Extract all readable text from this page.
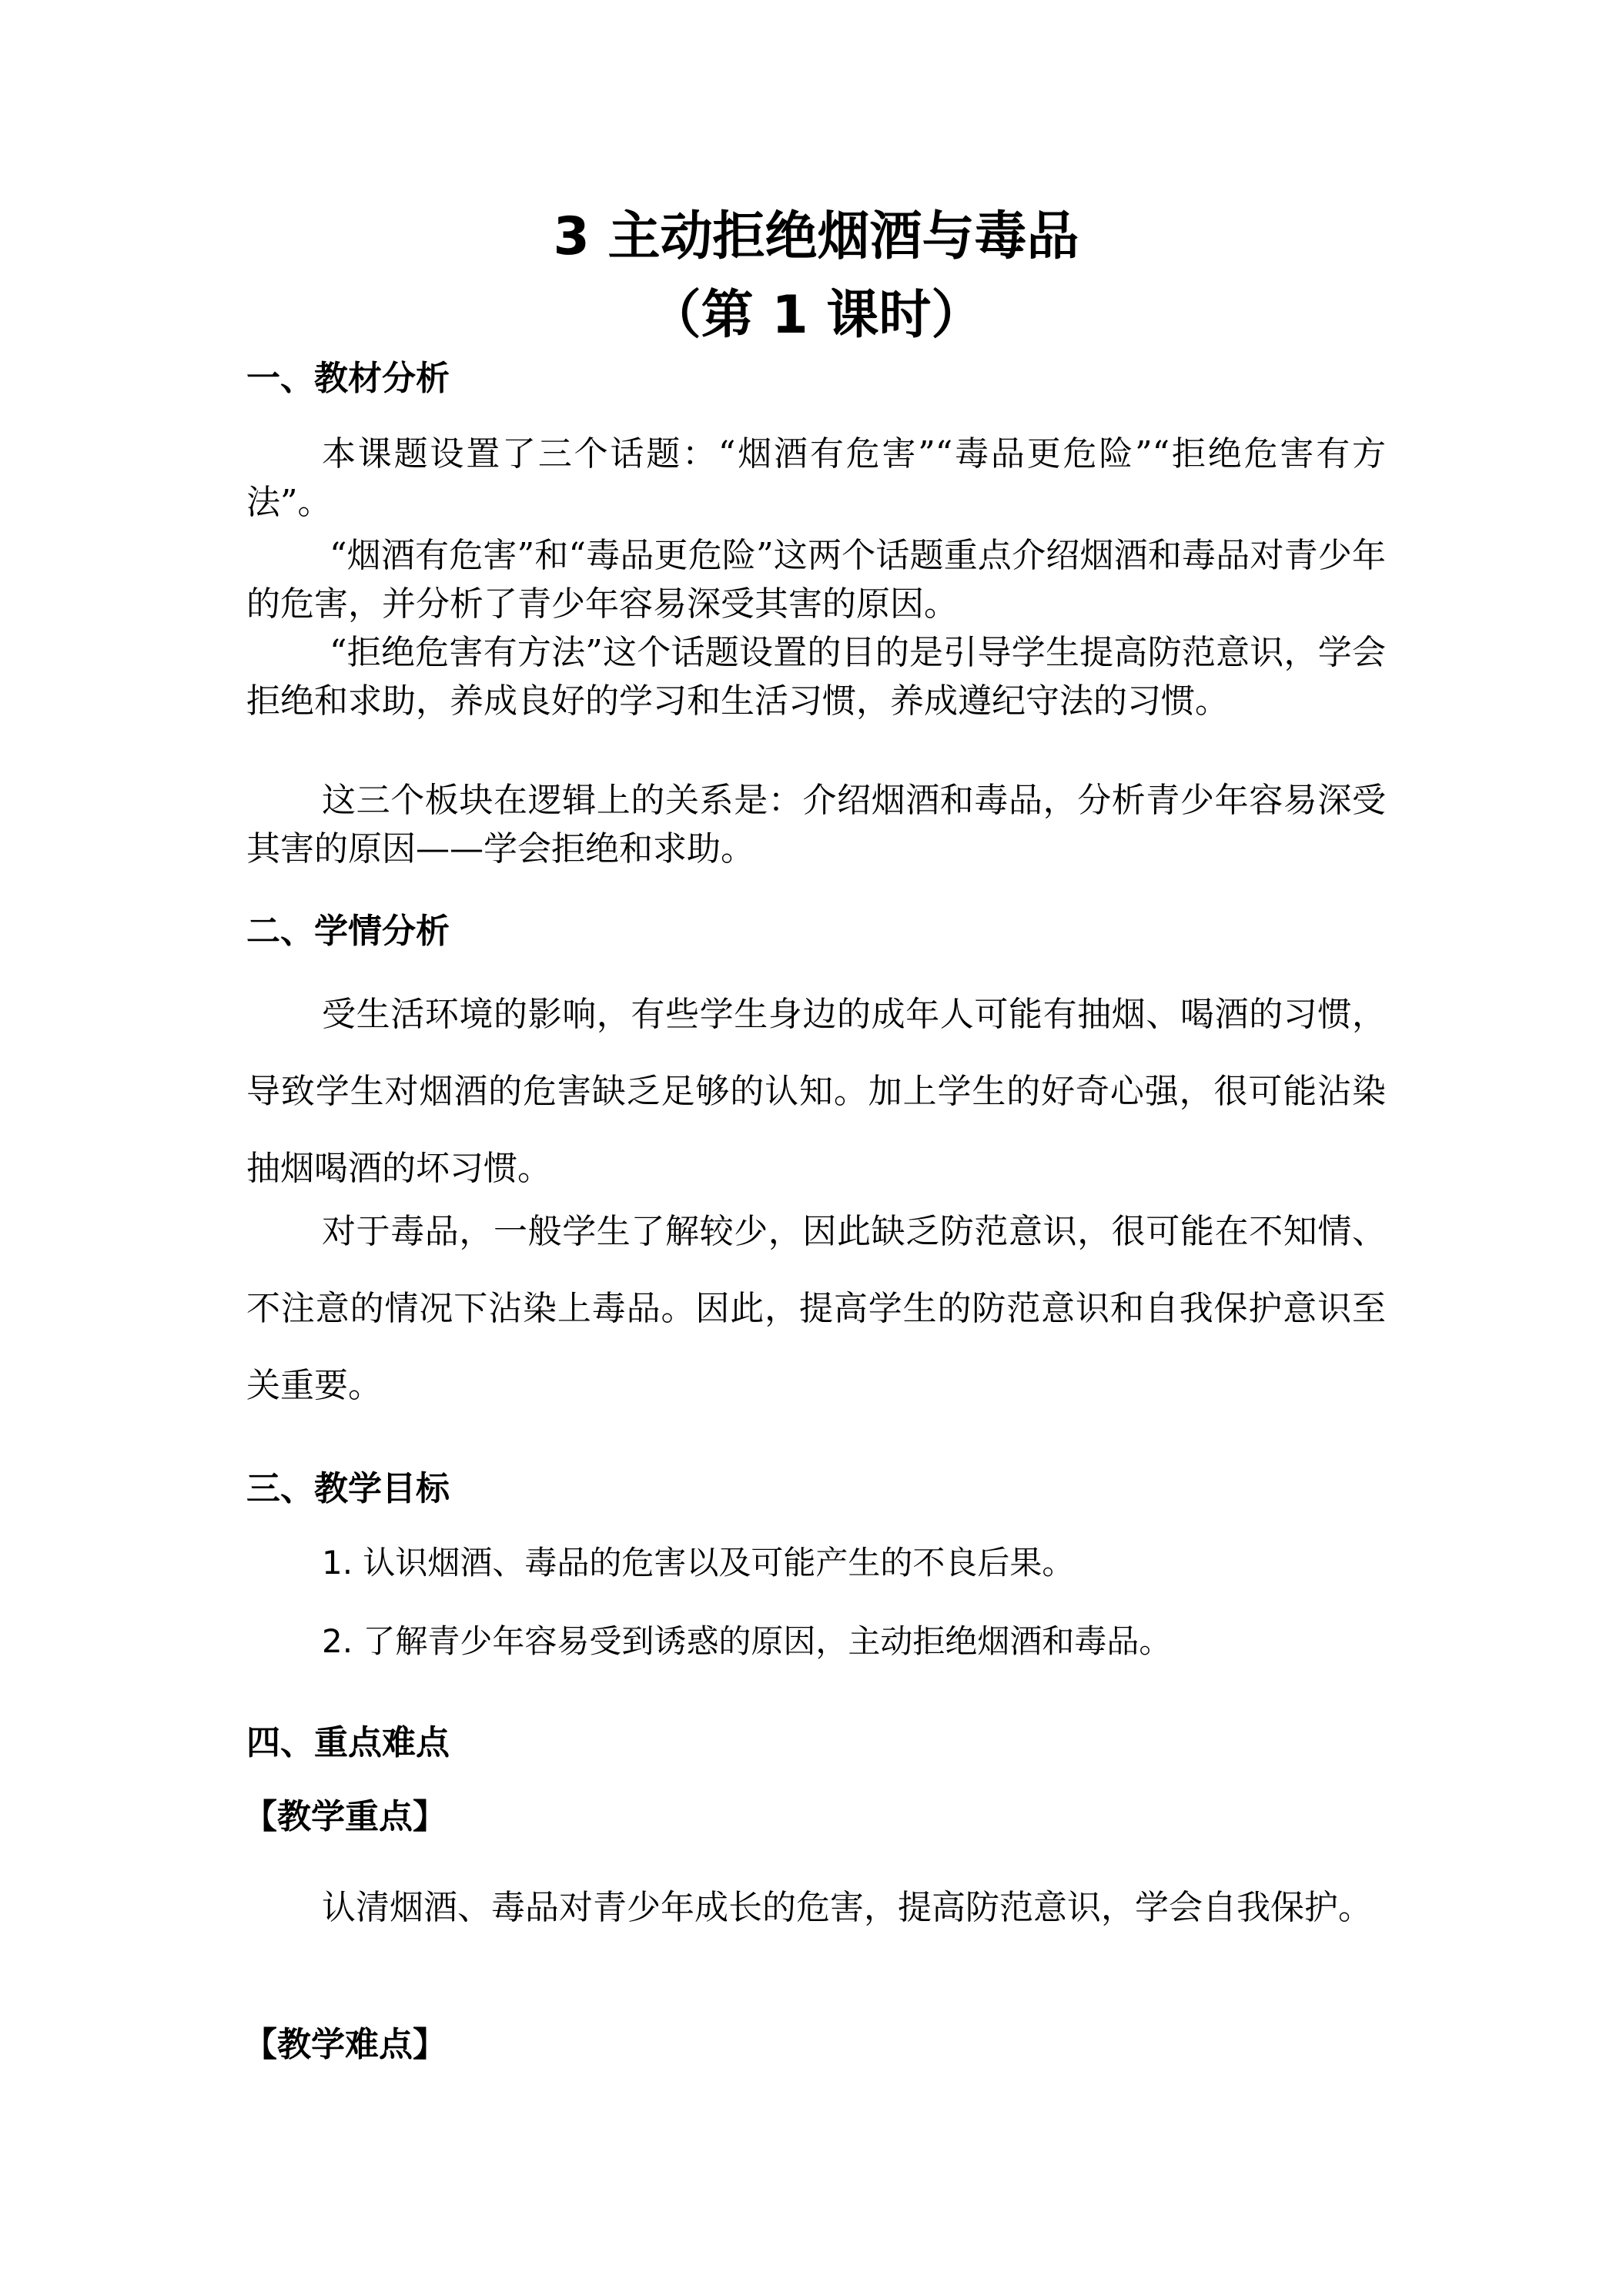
3 主动拒绝烟酒与毒品
（第 1 课时）
一、教材分析

本课题设置了三个话题：“烟酒有危害”“毒品更危险”“拒绝危害有方法”。

“烟酒有危害”和“毒品更危险”这两个话题重点介绍烟酒和毒品对青少年的危害，并分析了青少年容易深受其害的原因。

“拒绝危害有方法”这个话题设置的目的是引导学生提高防范意识，学会拒绝和求助，养成良好的学习和生活习惯，养成遵纪守法的习惯。

这三个板块在逻辑上的关系是：介绍烟酒和毒品，分析青少年容易深受其害的原因——学会拒绝和求助。

二、学情分析

受生活环境的影响，有些学生身边的成年人可能有抽烟、喝酒的习惯，导致学生对烟酒的危害缺乏足够的认知。加上学生的好奇心强，很可能沾染抽烟喝酒的坏习惯。

对于毒品，一般学生了解较少，因此缺乏防范意识，很可能在不知情、不注意的情况下沾染上毒品。因此，提高学生的防范意识和自我保护意识至关重要。

三、教学目标
1. 认识烟酒、毒品的危害以及可能产生的不良后果。
2. 了解青少年容易受到诱惑的原因，主动拒绝烟酒和毒品。
四、重点难点
【教学重点】

认清烟酒、毒品对青少年成长的危害，提高防范意识，学会自我保护。

【教学难点】
